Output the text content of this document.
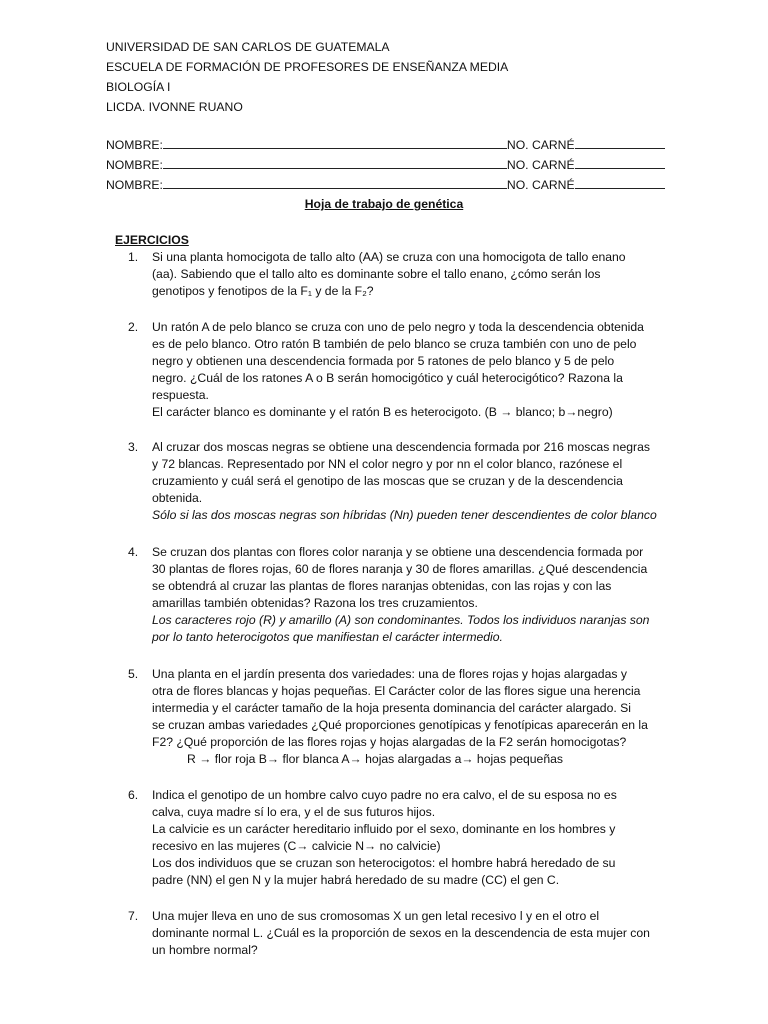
UNIVERSIDAD DE SAN CARLOS DE GUATEMALA
ESCUELA DE FORMACIÓN DE PROFESORES DE ENSEÑANZA MEDIA
BIOLOGÍA I
LICDA. IVONNE RUANO
NOMBRE:	NO. CARNÉ
NOMBRE:	NO. CARNÉ
NOMBRE:	NO. CARNÉ
Hoja de trabajo de genética
EJERCICIOS
1. Si una planta homocigota de tallo alto (AA) se cruza con una homocigota de tallo enano
(aa). Sabiendo que el tallo alto es dominante sobre el tallo enano, ¿cómo serán los
genotipos y fenotipos de la F₁ y de la F₂?
2. Un ratón A de pelo blanco se cruza con uno de pelo negro y toda la descendencia obtenida
es de pelo blanco. Otro ratón B también de pelo blanco se cruza también con uno de pelo
negro y obtienen una descendencia formada por 5 ratones de pelo blanco y 5 de pelo
negro. ¿Cuál de los ratones A o B serán homocigótico y cuál heterocigótico? Razona la
respuesta.
El carácter blanco es dominante y el ratón B es heterocigoto. (B → blanco; b→negro)
3. Al cruzar dos moscas negras se obtiene una descendencia formada por 216 moscas negras
y 72 blancas. Representado por NN el color negro y por nn el color blanco, razónese el
cruzamiento y cuál será el genotipo de las moscas que se cruzan y de la descendencia
obtenida.
Sólo si las dos moscas negras son híbridas (Nn) pueden tener descendientes de color blanco
4. Se cruzan dos plantas con flores color naranja y se obtiene una descendencia formada por
30 plantas de flores rojas, 60 de flores naranja y 30 de flores amarillas. ¿Qué descendencia
se obtendrá al cruzar las plantas de flores naranjas obtenidas, con las rojas y con las
amarillas también obtenidas? Razona los tres cruzamientos.
Los caracteres rojo (R) y amarillo (A) son condominantes. Todos los individuos naranjas son
por lo tanto heterocigotos que manifiestan el carácter intermedio.
5. Una planta en el jardín presenta dos variedades: una de flores rojas y hojas alargadas y
otra de flores blancas y hojas pequeñas. El Carácter color de las flores sigue una herencia
intermedia y el carácter tamaño de la hoja presenta dominancia del carácter alargado. Si
se cruzan ambas variedades ¿Qué proporciones genotípicas y fenotípicas aparecerán en la
F2? ¿Qué proporción de las flores rojas y hojas alargadas de la F2 serán homocigotas?
R → flor roja B→ flor blanca A→ hojas alargadas a→ hojas pequeñas
6. Indica el genotipo de un hombre calvo cuyo padre no era calvo, el de su esposa no es
calva, cuya madre sí lo era, y el de sus futuros hijos.
La calvicie es un carácter hereditario influido por el sexo, dominante en los hombres y
recesivo en las mujeres (C→ calvicie N→ no calvicie)
Los dos individuos que se cruzan son heterocigotos: el hombre habrá heredado de su
padre (NN) el gen N y la mujer habrá heredado de su madre (CC) el gen C.
7. Una mujer lleva en uno de sus cromosomas X un gen letal recesivo l y en el otro el
dominante normal L. ¿Cuál es la proporción de sexos en la descendencia de esta mujer con
un hombre normal?
